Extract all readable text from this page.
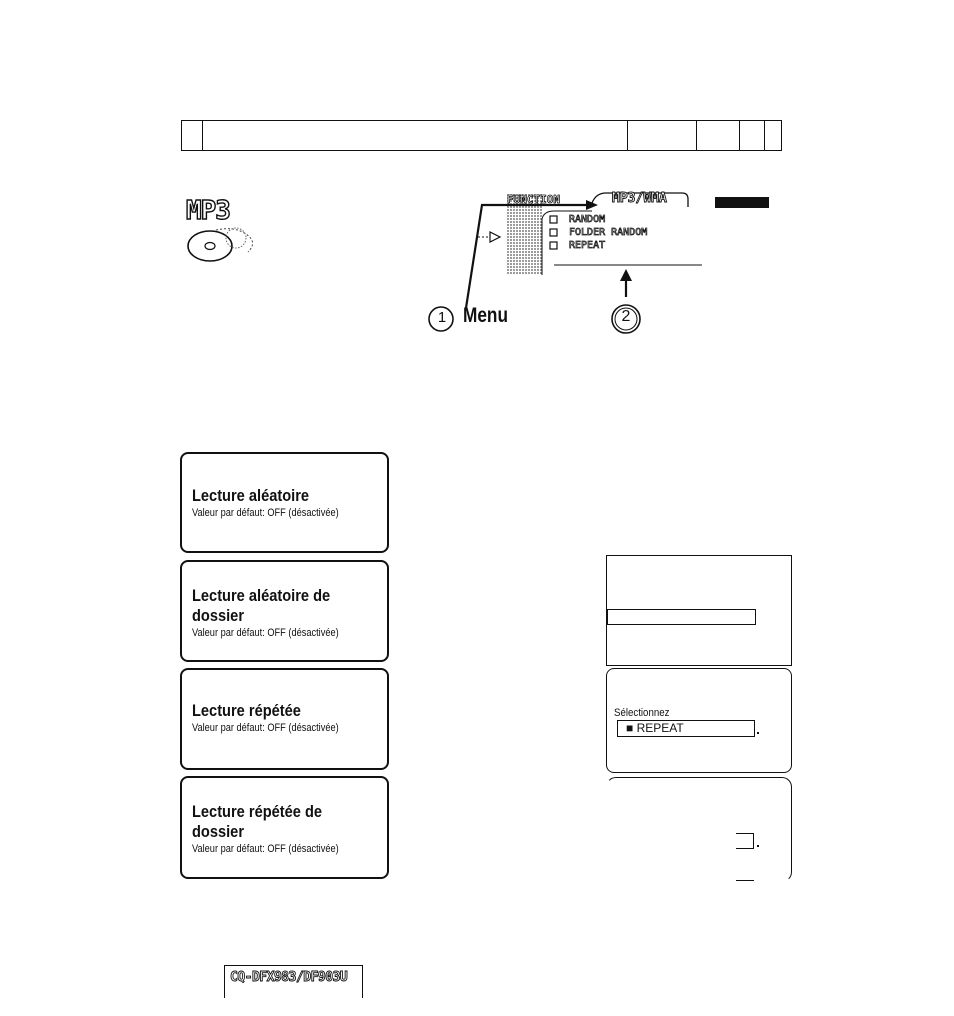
MP3	FUNCTION	MP3/WMA
RANDOM
FOLDER RANDOM
REPEAT
1 Menu	2
Lecture aléatoire
Valeur par défaut: OFF (désactivée)
Lecture aléatoire de
dossier
Valeur par défaut: OFF (désactivée)
Lecture répétée
Valeur par défaut: OFF (désactivée)
Lecture répétée de
dossier
Valeur par défaut: OFF (désactivée)
Sélectionnez
■ REPEAT
CQ-DFX983/DF903U
